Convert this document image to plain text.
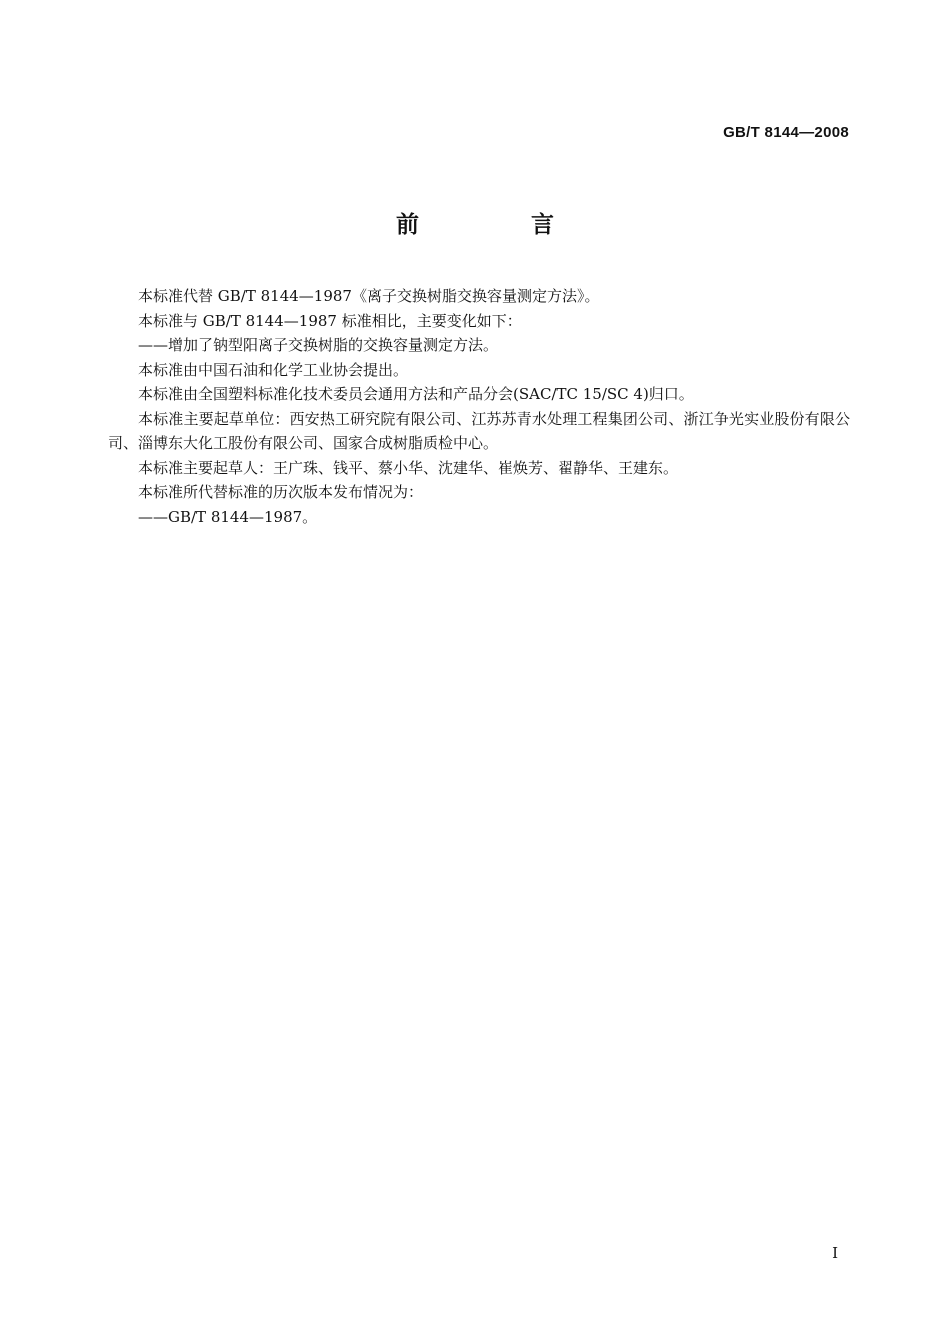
GB/T 8144—2008
前 言

本标准代替 GB/T 8144—1987《离子交换树脂交换容量测定方法》。

本标准与 GB/T 8144—1987 标准相比，主要变化如下：

——增加了钠型阳离子交换树脂的交换容量测定方法。

本标准由中国石油和化学工业协会提出。

本标准由全国塑料标准化技术委员会通用方法和产品分会(SAC/TC 15/SC 4)归口。

本标准主要起草单位：西安热工研究院有限公司、江苏苏青水处理工程集团公司、浙江争光实业股份有限公司、淄博东大化工股份有限公司、国家合成树脂质检中心。

本标准主要起草人：王广珠、钱平、蔡小华、沈建华、崔焕芳、翟静华、王建东。

本标准所代替标准的历次版本发布情况为：

——GB/T 8144—1987。

I
